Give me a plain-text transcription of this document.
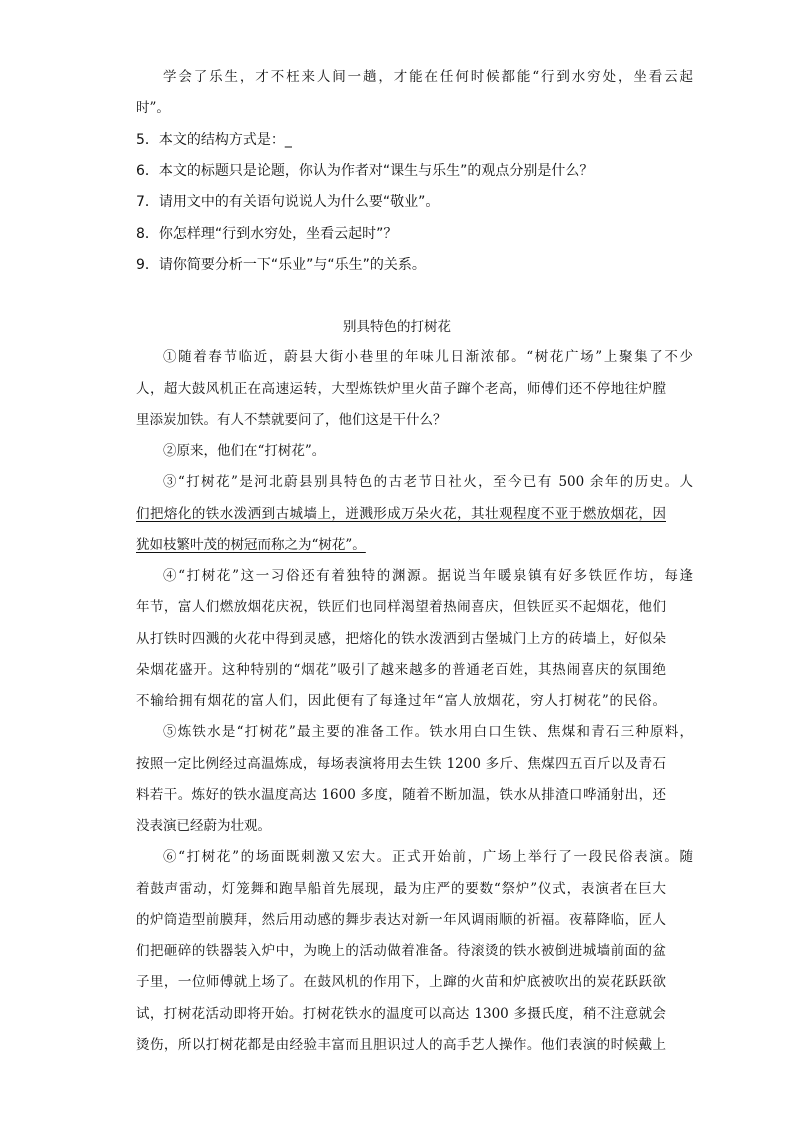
学会了乐生，才不枉来人间一趟，才能在任何时候都能“行到水穷处，坐看云起
时”。
5．本文的结构方式是：_
6．本文的标题只是论题，你认为作者对“课生与乐生”的观点分别是什么？
7．请用文中的有关语句说说人为什么要“敬业”。
8．你怎样理“行到水穷处，坐看云起时”？
9．请你简要分析一下“乐业”与“乐生”的关系。
别具特色的打树花
①随着春节临近，蔚县大街小巷里的年味儿日渐浓郁。“树花广场”上聚集了不少
人，超大鼓风机正在高速运转，大型炼铁炉里火苗子蹿个老高，师傅们还不停地往炉膛
里添炭加铁。有人不禁就要问了，他们这是干什么？
②原来，他们在“打树花”。
③“打树花”是河北蔚县别具特色的古老节日社火，至今已有 500 余年的历史。人
们把熔化的铁水泼洒到古城墙上，迸溅形成万朵火花，其壮观程度不亚于燃放烟花，因
犹如枝繁叶茂的树冠而称之为“树花”。
④“打树花”这一习俗还有着独特的渊源。据说当年暖泉镇有好多铁匠作坊，每逢
年节，富人们燃放烟花庆祝，铁匠们也同样渴望着热闹喜庆，但铁匠买不起烟花，他们
从打铁时四溅的火花中得到灵感，把熔化的铁水泼洒到古堡城门上方的砖墙上，好似朵
朵烟花盛开。这种特别的“烟花”吸引了越来越多的普通老百姓，其热闹喜庆的氛围绝
不输给拥有烟花的富人们，因此便有了每逢过年“富人放烟花，穷人打树花”的民俗。
⑤炼铁水是“打树花”最主要的准备工作。铁水用白口生铁、焦煤和青石三种原料，
按照一定比例经过高温炼成，每场表演将用去生铁 1200 多斤、焦煤四五百斤以及青石
料若干。炼好的铁水温度高达 1600 多度，随着不断加温，铁水从排渣口哗涌射出，还
没表演已经蔚为壮观。
⑥“打树花”的场面既刺激又宏大。正式开始前，广场上举行了一段民俗表演。随
着鼓声雷动，灯笼舞和跑旱船首先展现，最为庄严的要数“祭炉”仪式，表演者在巨大
的炉筒造型前膜拜，然后用动感的舞步表达对新一年风调雨顺的祈福。夜幕降临，匠人
们把砸碎的铁器装入炉中，为晚上的活动做着准备。待滚烫的铁水被倒进城墙前面的盆
子里，一位师傅就上场了。在鼓风机的作用下，上蹿的火苗和炉底被吹出的炭花跃跃欲
试，打树花活动即将开始。打树花铁水的温度可以高达 1300 多摄氏度，稍不注意就会
烫伤，所以打树花都是由经验丰富而且胆识过人的高手艺人操作。他们表演的时候戴上
